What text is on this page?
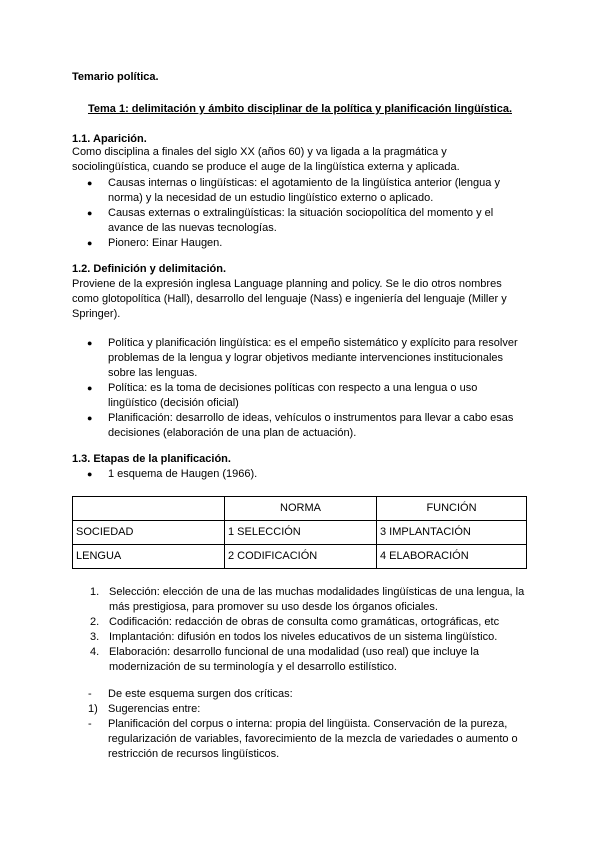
Temario política.
Tema 1: delimitación y ámbito disciplinar de la política y planificación lingüística.
1.1. Aparición.
Como disciplina a finales del siglo XX (años 60) y va ligada a la pragmática y
sociolingüística, cuando se produce el auge de la lingüística externa y aplicada.
● Causas internas o lingüísticas: el agotamiento de la lingüística anterior (lengua y
norma) y la necesidad de un estudio lingüístico externo o aplicado.
● Causas externas o extralingüísticas: la situación sociopolítica del momento y el
avance de las nuevas tecnologías.
● Pionero: Einar Haugen.
1.2. Definición y delimitación.
Proviene de la expresión inglesa Language planning and policy. Se le dio otros nombres
como glotopolítica (Hall), desarrollo del lenguaje (Nass) e ingeniería del lenguaje (Miller y
Springer).
● Política y planificación lingüística: es el empeño sistemático y explícito para resolver
problemas de la lengua y lograr objetivos mediante intervenciones institucionales
sobre las lenguas.
● Política: es la toma de decisiones políticas con respecto a una lengua o uso
lingüístico (decisión oficial)
● Planificación: desarrollo de ideas, vehículos o instrumentos para llevar a cabo esas
decisiones (elaboración de una plan de actuación).
1.3. Etapas de la planificación.
● 1 esquema de Haugen (1966).
	NORMA	FUNCIÓN
SOCIEDAD	1 SELECCIÓN	3 IMPLANTACIÓN
LENGUA	2 CODIFICACIÓN	4 ELABORACIÓN
1. Selección: elección de una de las muchas modalidades lingüísticas de una lengua, la
más prestigiosa, para promover su uso desde los órganos oficiales.
2. Codificación: redacción de obras de consulta como gramáticas, ortográficas, etc
3. Implantación: difusión en todos los niveles educativos de un sistema lingüístico.
4. Elaboración: desarrollo funcional de una modalidad (uso real) que incluye la
modernización de su terminología y el desarrollo estilístico.
- De este esquema surgen dos críticas:
1) Sugerencias entre:
- Planificación del corpus o interna: propia del lingüista. Conservación de la pureza,
regularización de variables, favorecimiento de la mezcla de variedades o aumento o
restricción de recursos lingüísticos.
